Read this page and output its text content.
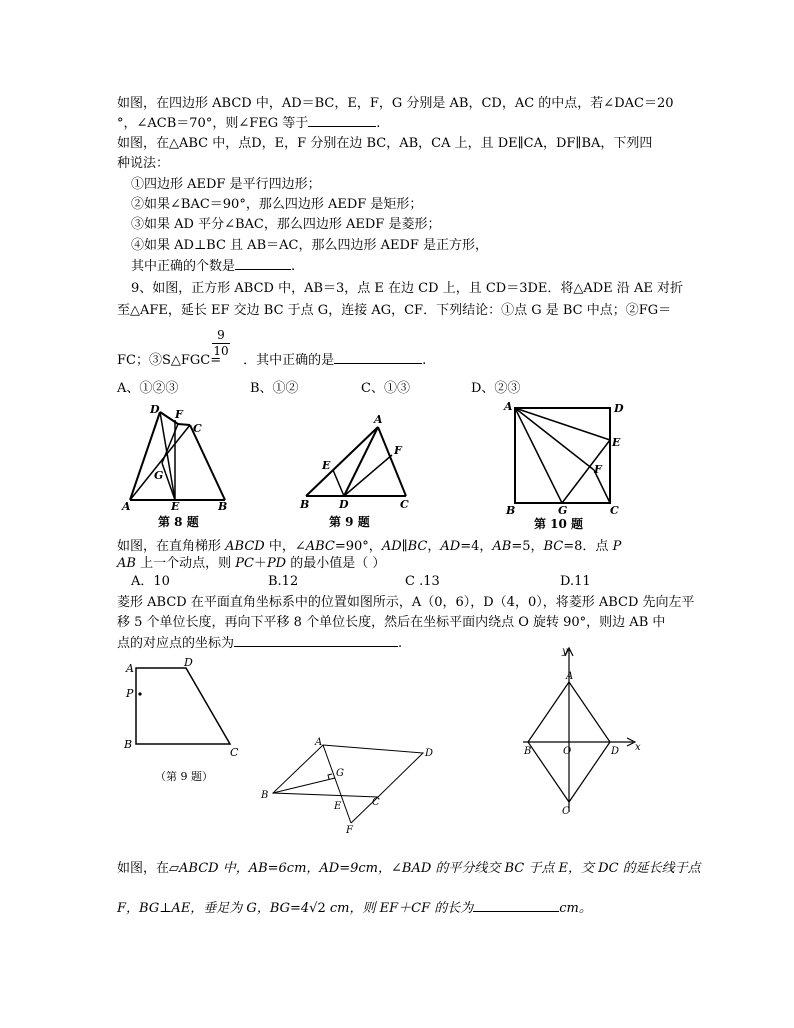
如图，在四边形 ABCD 中，AD＝BC，E，F，G 分别是 AB，CD，AC 的中点，若∠DAC＝20
°，∠ACB＝70°，则∠FEG 等于	.
如图，在△ABC 中，点D，E，F 分别在边 BC，AB，CA 上，且 DE∥CA，DF∥BA，下列四
种说法：
①四边形 AEDF 是平行四边形；
②如果∠BAC＝90°，那么四边形 AEDF 是矩形；
③如果 AD 平分∠BAC，那么四边形 AEDF 是菱形；
④如果 AD⊥BC 且 AB＝AC，那么四边形 AEDF 是正方形，
其中正确的个数是	.
9、如图，正方形 ABCD 中，AB＝3，点 E 在边 CD 上，且 CD＝3DE．将△ADE 沿 AE 对折
至△AFE，延长 EF 交边 BC 于点 G，连接 AG，CF．下列结论：①点 G 是 BC 中点；②FG＝
$\frac{9}{10}$
FC；③S△FGC= ．其中正确的是	.
A、①②③	B、①②	C、①③	D、②③
D F
C
G
A	E	B
第 8 题
A
F
E
B	D	C
第 9 题
A	D
E
F
B	G	C
第 10 题
如图，在直角梯形 ABCD 中，∠ABC=90°，AD∥BC，AD=4，AB=5，BC=8．点 P
AB 上一个动点，则 PC＋PD 的最小值是（ ）
A．10	B.12	C .13	D.11
菱形 ABCD 在平面直角坐标系中的位置如图所示，A（0，6），D（4，0），将菱形 ABCD 先向左平
移 5 个单位长度，再向下平移 8 个单位长度，然后在坐标平面内绕点 O 旋转 90°，则边 AB 中
点的对应点的坐标为	.
A	D
P
B
C
（第 9 题）
A
D
G
B
E	C
F
y
A
B	O	D x
C
如图，在▱ABCD 中，AB=6cm，AD=9cm，∠BAD 的平分线交 BC 于点 E，交 DC 的延长线于点
F，BG⊥AE，垂足为 G，BG=4√2 cm，则 EF＋CF 的长为	cm。
